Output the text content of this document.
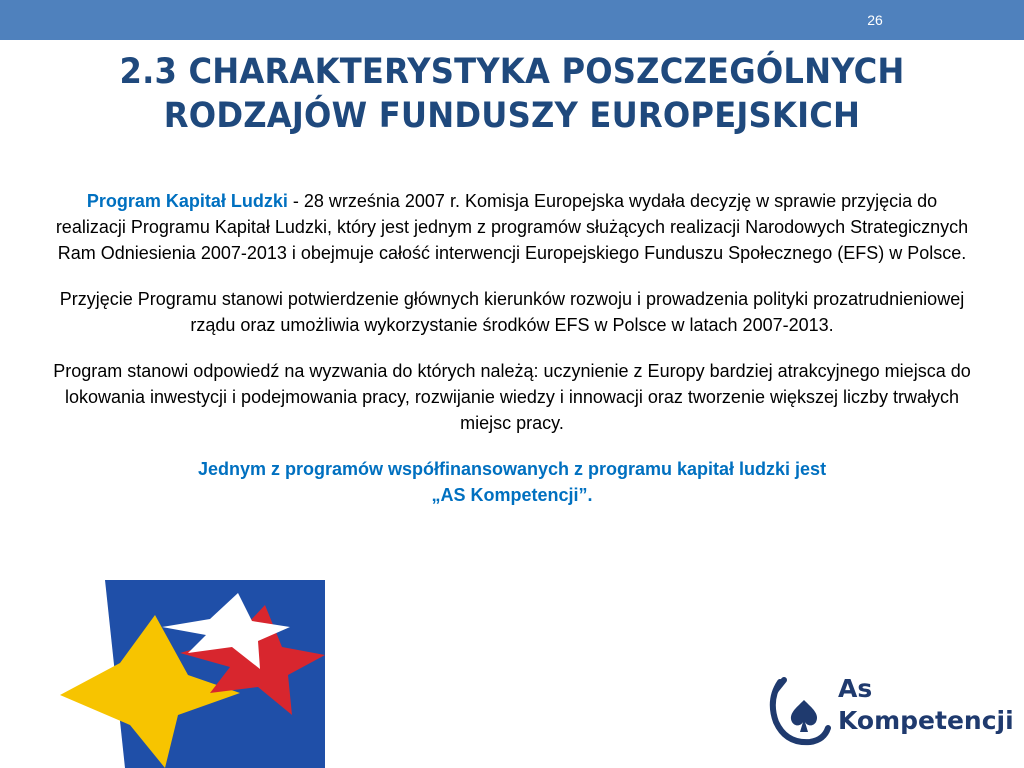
26
2.3 CHARAKTERYSTYKA POSZCZEGÓLNYCH
RODZAJÓW FUNDUSZY EUROPEJSKICH

Program Kapitał Ludzki - 28 września 2007 r. Komisja Europejska wydała decyzję w sprawie przyjęcia do realizacji Programu Kapitał Ludzki, który jest jednym z programów służących realizacji Narodowych Strategicznych Ram Odniesienia 2007-2013 i obejmuje całość interwencji Europejskiego Funduszu Społecznego (EFS) w Polsce.

Przyjęcie Programu stanowi potwierdzenie głównych kierunków rozwoju i prowadzenia polityki prozatrudnieniowej rządu oraz umożliwia wykorzystanie środków EFS w Polsce w latach 2007-2013.

Program stanowi odpowiedź na wyzwania do których należą: uczynienie z Europy bardziej atrakcyjnego miejsca do lokowania inwestycji i podejmowania pracy, rozwijanie wiedzy i innowacji oraz tworzenie większej liczby trwałych miejsc pracy.

Jednym z programów współfinansowanych z programu kapitał ludzki jest
„AS Kompetencji”.

As
Kompetencji
